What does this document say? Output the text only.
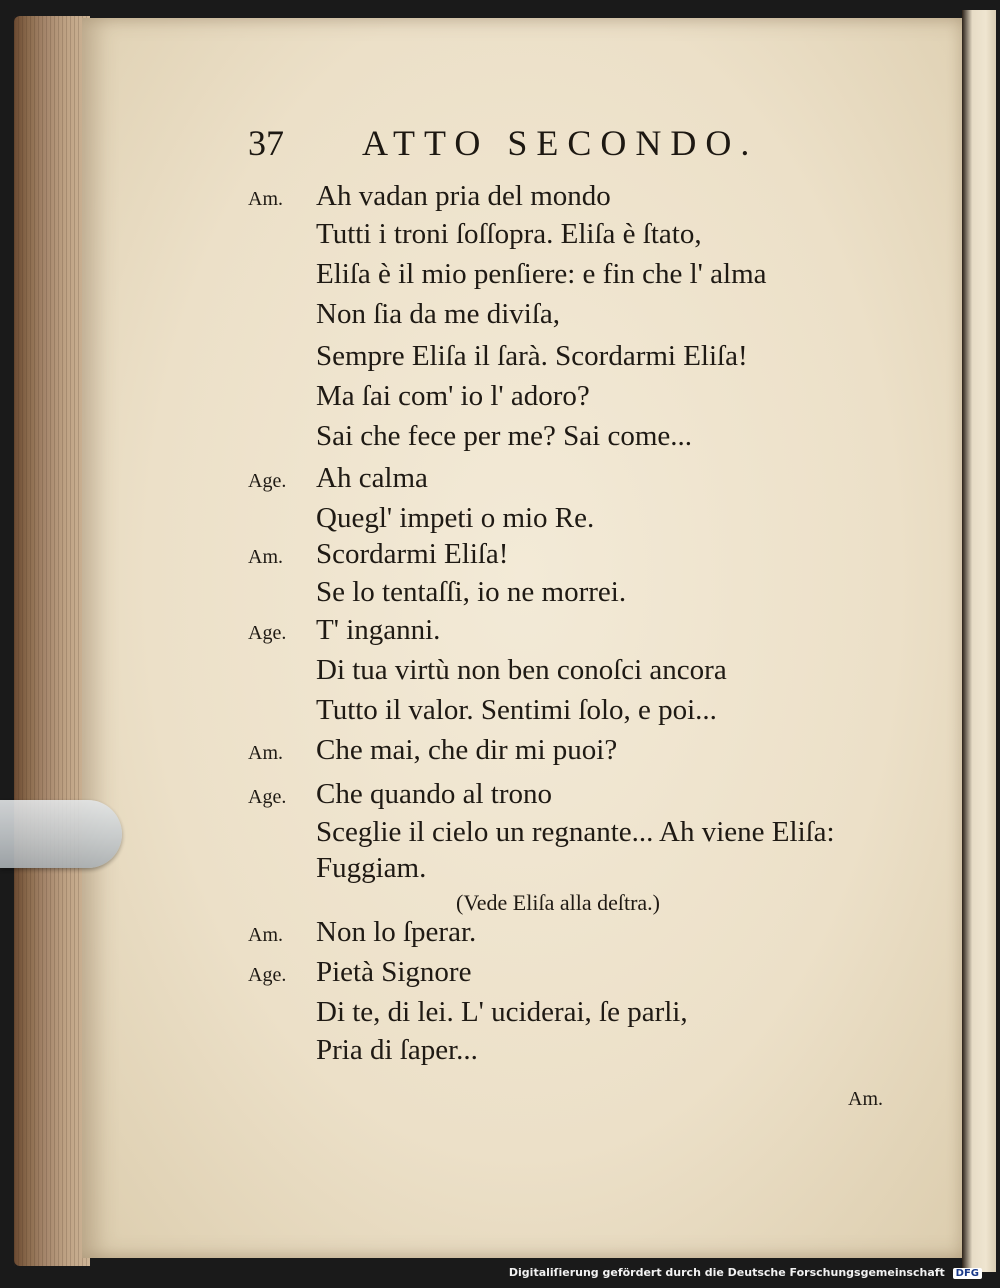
37 ATTO SECONDO.
Am. Ah vadan pria del mondo
Tutti i troni ſoſſopra. Eliſa è ſtato,
Eliſa è il mio penſiere: e fin che l' alma
Non ſia da me diviſa,
Sempre Eliſa il ſarà. Scordarmi Eliſa!
Ma ſai com' io l' adoro?
Sai che fece per me? Sai come...
Age. Ah calma
Quegl' impeti o mio Re.
Am. Scordarmi Eliſa!
Se lo tentaſſi, io ne morrei.
Age. T' inganni.
Di tua virtù non ben conoſci ancora
Tutto il valor. Sentimi ſolo, e poi...
Am. Che mai, che dir mi puoi?
Age. Che quando al trono
Sceglie il cielo un regnante... Ah viene Eliſa:
Fuggiam.
(Vede Eliſa alla deſtra.)
Am. Non lo ſperar.
Age. Pietà Signore
Di te, di lei. L' uciderai, ſe parli,
Pria di ſaper...
Am.
Digitaliſierung gefördert durch die Deutsche Forschungsgemeinschaft DFG
